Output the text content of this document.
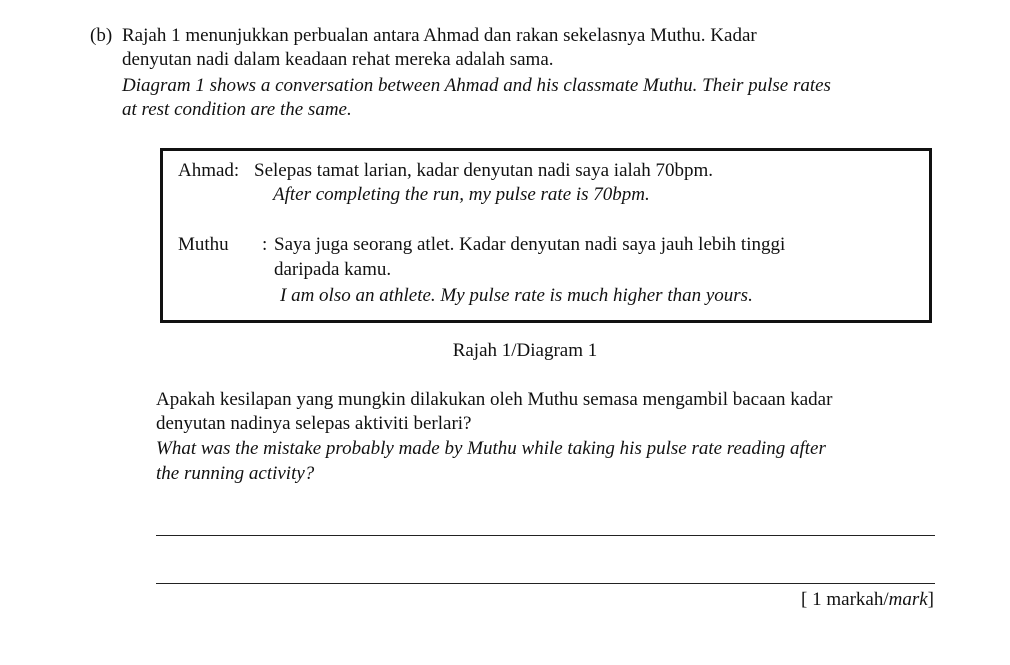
(b) Rajah 1 menunjukkan perbualan antara Ahmad dan rakan sekelasnya Muthu. Kadar
denyutan nadi dalam keadaan rehat mereka adalah sama.
Diagram 1 shows a conversation between Ahmad and his classmate Muthu. Their pulse rates
at rest condition are the same.
Ahmad: Selepas tamat larian, kadar denyutan nadi saya ialah 70bpm.
After completing the run, my pulse rate is 70bpm.
Muthu : Saya juga seorang atlet. Kadar denyutan nadi saya jauh lebih tinggi
daripada kamu.
I am olso an athlete. My pulse rate is much higher than yours.
Rajah 1/Diagram 1
Apakah kesilapan yang mungkin dilakukan oleh Muthu semasa mengambil bacaan kadar
denyutan nadinya selepas aktiviti berlari?
What was the mistake probably made by Muthu while taking his pulse rate reading after
the running activity?
[ 1 markah/mark]
